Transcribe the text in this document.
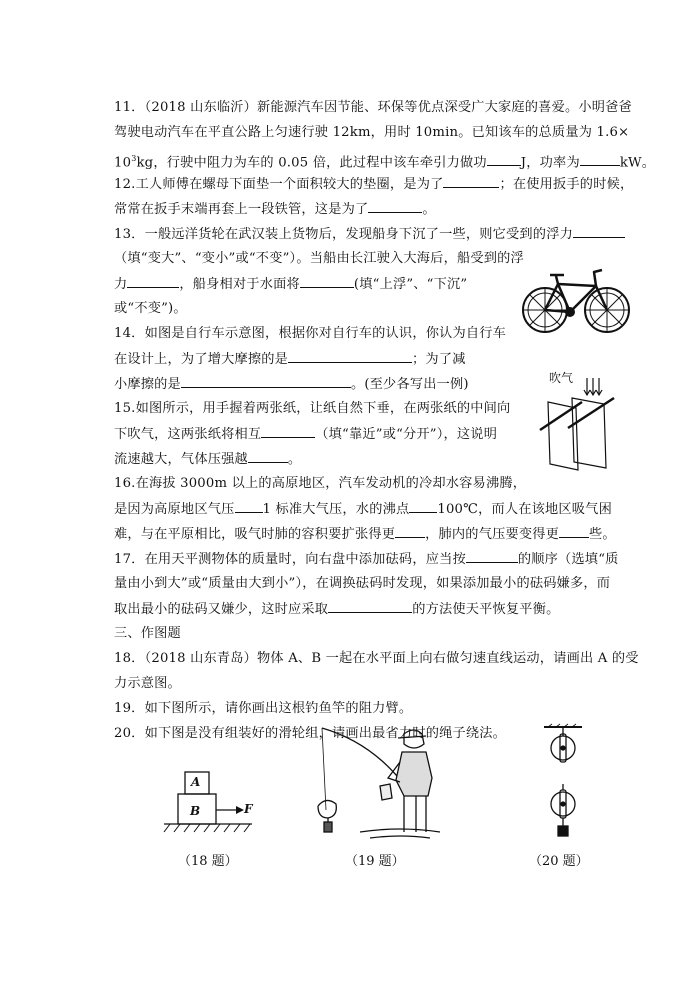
11．（2018 山东临沂）新能源汽车因节能、环保等优点深受广大家庭的喜爱。小明爸爸
驾驶电动汽车在平直公路上匀速行驶 12km，用时 10min。已知该车的总质量为 1.6×
$10^3kg$，行驶中阻力为车的 0.05 倍，此过程中该车牵引力做功	J，功率为	kW。
12.工人师傅在螺母下面垫一个面积较大的垫圈，是为了	；在使用扳手的时候，
常常在扳手末端再套上一段铁管，这是为了	。
13．一般远洋货轮在武汉装上货物后，发现船身下沉了一些，则它受到的浮力
（填“变大”、“变小”或“不变”）。当船由长江驶入大海后，船受到的浮
力	，船身相对于水面将	(填“上浮”、“下沉”
或“不变”)。
14．如图是自行车示意图，根据你对自行车的认识，你认为自行车
在设计上，为了增大摩擦的是	；为了减
小摩擦的是	。(至少各写出一例)
15.如图所示，用手握着两张纸，让纸自然下垂，在两张纸的中间向
下吹气，这两张纸将相互	（填“靠近”或“分开”），这说明
流速越大，气体压强越	。
16.在海拔 3000m 以上的高原地区，汽车发动机的冷却水容易沸腾，
是因为高原地区气压 1 标准大气压，水的沸点 100℃，而人在该地区吸气困
难，与在平原相比，吸气时肺的容积要扩张得更 ，肺内的气压要变得更 些。
17．在用天平测物体的质量时，向右盘中添加砝码，应当按	的顺序（选填“质
量由小到大”或“质量由大到小”），在调换砝码时发现，如果添加最小的砝码嫌多，而
取出最小的砝码又嫌少，这时应采取	的方法使天平恢复平衡。
三、作图题
18．（2018 山东青岛）物体 A、B 一起在水平面上向右做匀速直线运动，请画出 A 的受
力示意图。
19．如下图所示，请你画出这根钓鱼竿的阻力臂。
20．如下图是没有组装好的滑轮组，请画出最省力时的绳子绕法。
吹气
A
B	F
（18 题）	（19 题）	（20 题）
